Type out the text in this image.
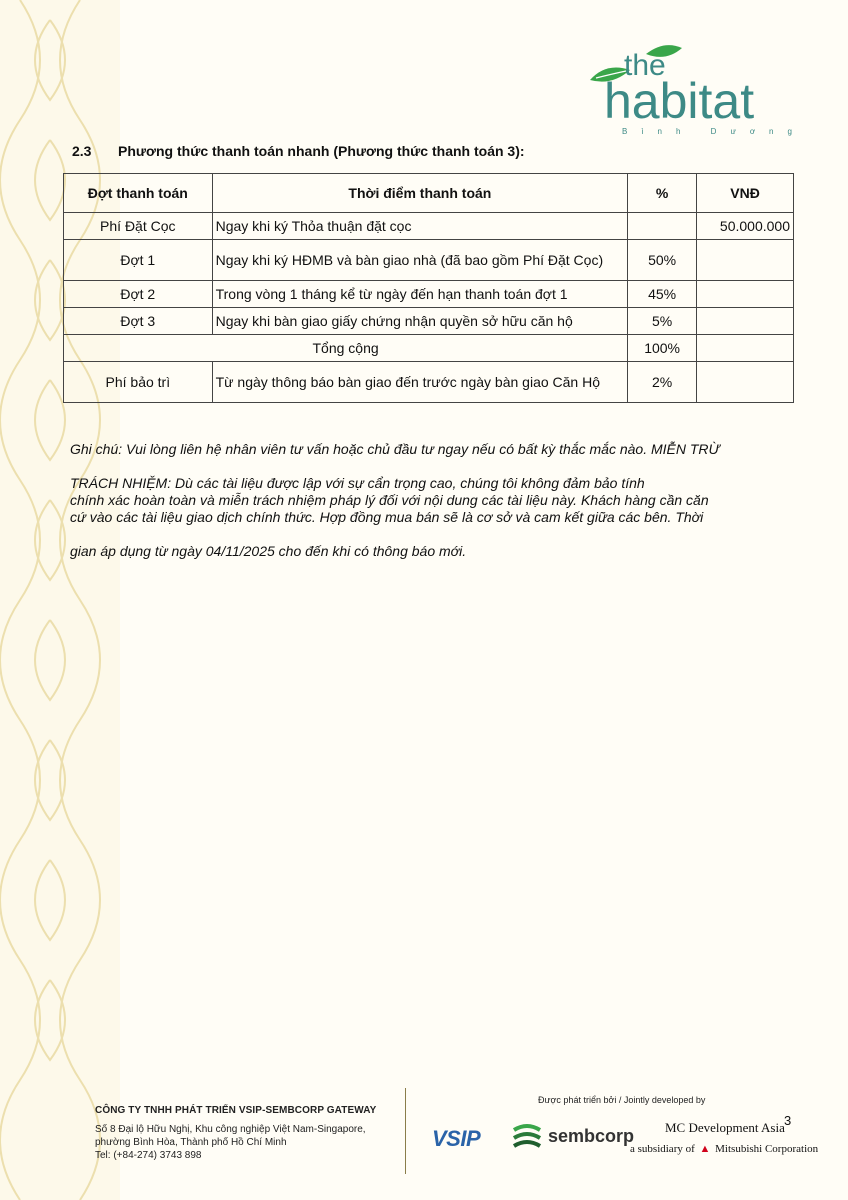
the
habitat
Bình Dương
2.3 Phương thức thanh toán nhanh (Phương thức thanh toán 3):
Đợt thanh toán	Thời điểm thanh toán	%	VNĐ
Phí Đặt Cọc	Ngay khi ký Thỏa thuận đặt cọc		50.000.000
Đợt 1	Ngay khi ký HĐMB và bàn giao nhà (đã bao gồm Phí Đặt Cọc)	50%	
Đợt 2	Trong vòng 1 tháng kể từ ngày đến hạn thanh toán đợt 1	45%	
Đợt 3	Ngay khi bàn giao giấy chứng nhận quyền sở hữu căn hộ	5%	
Tổng cộng		100%	
Phí bảo trì	Từ ngày thông báo bàn giao đến trước ngày bàn giao Căn Hộ	2%	

Ghi chú: Vui lòng liên hệ nhân viên tư vấn hoặc chủ đầu tư ngay nếu có bất kỳ thắc mắc nào. MIỄN TRỪ

TRÁCH NHIỆM: Dù các tài liệu được lập với sự cẩn trọng cao, chúng tôi không đảm bảo tính

chính xác hoàn toàn và miễn trách nhiệm pháp lý đối với nội dung các tài liệu này. Khách hàng cần căn

cứ vào các tài liệu giao dịch chính thức. Hợp đồng mua bán sẽ là cơ sở và cam kết giữa các bên. Thời

gian áp dụng từ ngày 04/11/2025 cho đến khi có thông báo mới.

CÔNG TY TNHH PHÁT TRIỂN VSIP-SEMBCORP GATEWAY
Số 8 Đại lộ Hữu Nghị, Khu công nghiệp Việt Nam-Singapore,
phường Bình Hòa, Thành phố Hồ Chí Minh
Tel: (+84-274) 3743 898
Được phát triển bởi / Jointly developed by
VSIP	sembcorp MC Development Asia
a subsidiary of ▲ Mitsubishi Corporation
3
